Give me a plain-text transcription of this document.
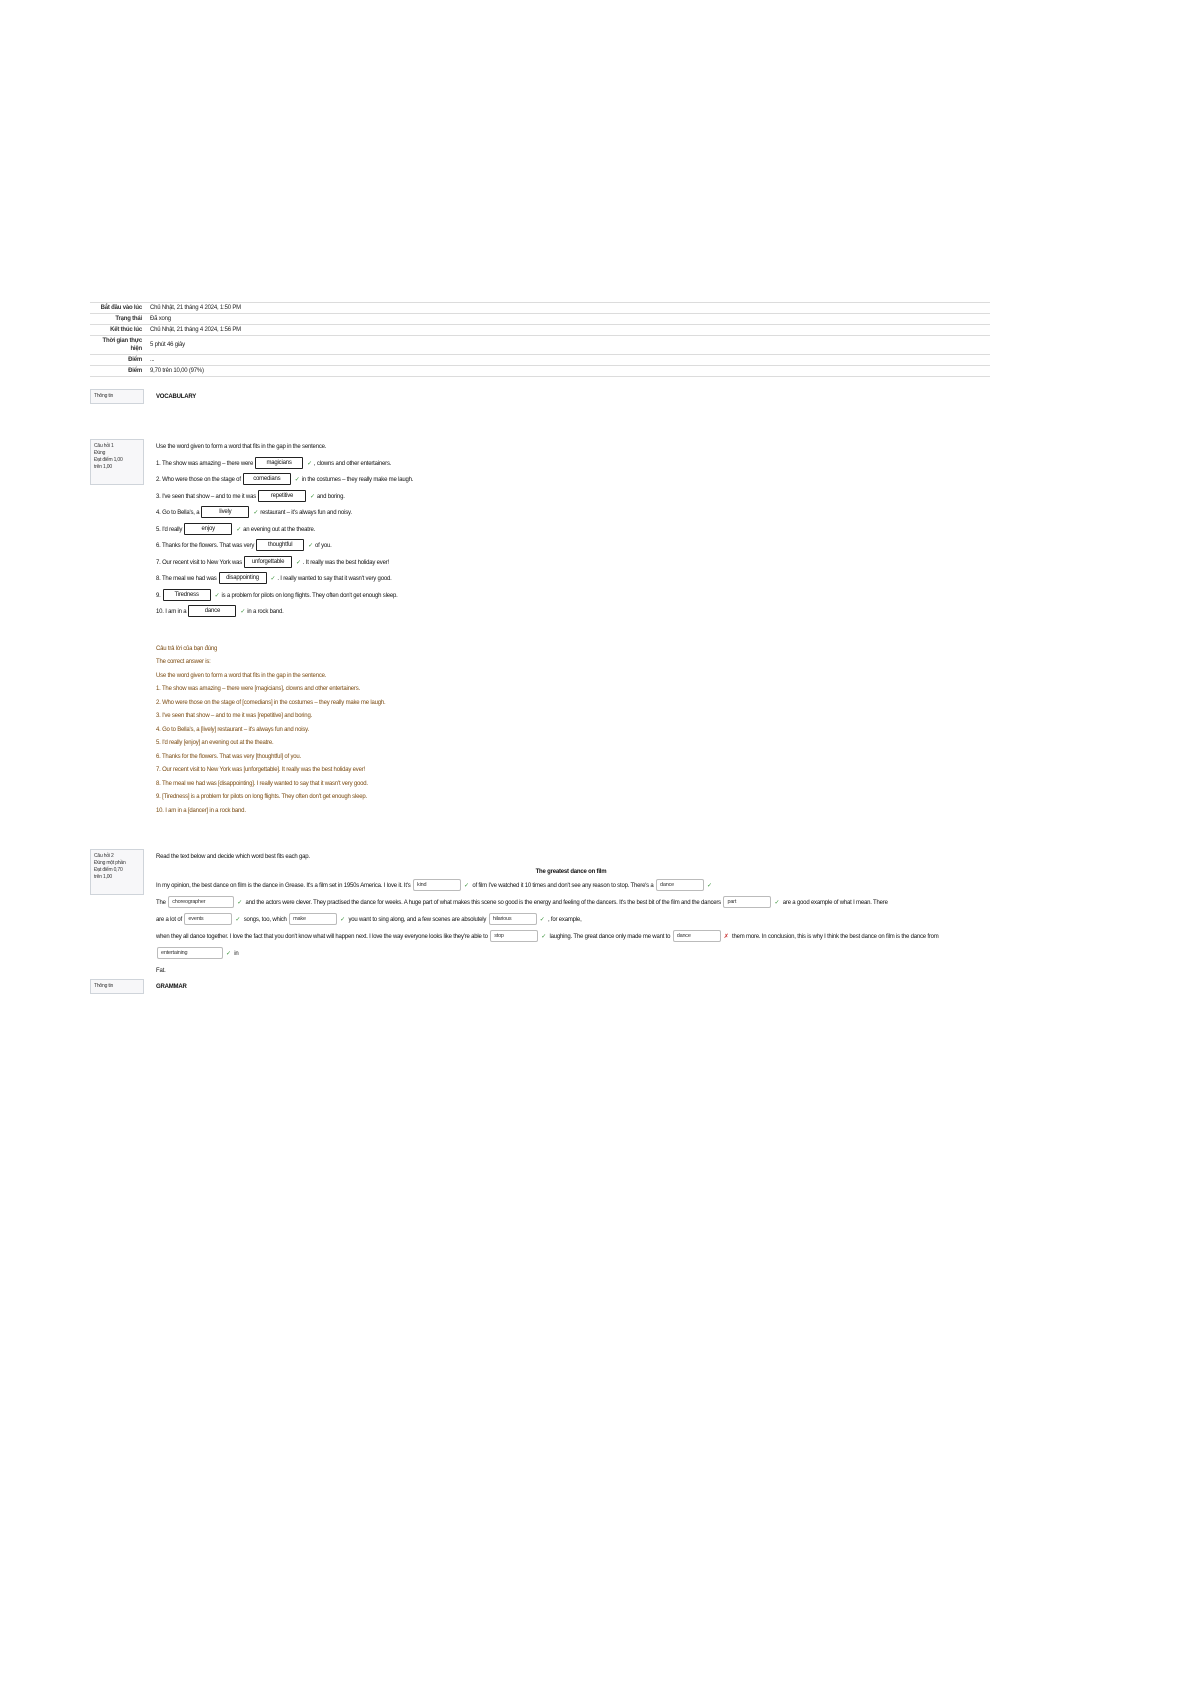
Bắt đầu vào lúc	Chủ Nhật, 21 tháng 4 2024, 1:50 PM
Trạng thái	Đã xong
Kết thúc lúc	Chủ Nhật, 21 tháng 4 2024, 1:56 PM
Thời gian thực hiện	5 phút 46 giây
Điểm	...
Điểm	9,70 trên 10,00 (97%)
Thông tin	VOCABULARY
Câu hỏi 1
Đúng
Đạt điểm 1,00
trên 1,00
Use the word given to form a word that fits in the gap in the sentence.
1. The show was amazing – there were magicians	✓ , clowns and other entertainers.
2. Who were those on the stage of comedians ✓ in the costumes – they really make me laugh.
3. I've seen that show – and to me it was repetitive	✓ and boring.
4. Go to Bella's, a	lively	✓ restaurant – it's always fun and noisy.
5. I'd really	enjoy	✓ an evening out at the theatre.
6. Thanks for the flowers. That was very thoughtful	✓ of you.
7. Our recent visit to New York was unforgettable ✓ . It really was the best holiday ever!
8. The meal we had was disappointing ✓ . I really wanted to say that it wasn't very good.
9. Tiredness	✓ is a problem for pilots on long flights. They often don't get enough sleep.
10. I am in a	dance	✓ in a rock band.
Câu trả lời của bạn đúng
The correct answer is:
Use the word given to form a word that fits in the gap in the sentence.
1. The show was amazing – there were [magicians], clowns and other entertainers.
2. Who were those on the stage of [comedians] in the costumes – they really make me laugh.
3. I've seen that show – and to me it was [repetitive] and boring.
4. Go to Bella's, a [lively] restaurant – it's always fun and noisy.
5. I'd really [enjoy] an evening out at the theatre.
6. Thanks for the flowers. That was very [thoughtful] of you.
7. Our recent visit to New York was [unforgettable]. It really was the best holiday ever!
8. The meal we had was [disappointing]. I really wanted to say that it wasn't very good.
9. [Tiredness] is a problem for pilots on long flights. They often don't get enough sleep.
10. I am in a [dancer] in a rock band.
Câu hỏi 2
Đúng một phần
Đạt điểm 0,70
trên 1,00
Read the text below and decide which word best fits each gap.
The greatest dance on film
In my opinion, the best dance on film is the dance in Grease. It's a film set in 1950s America. I love it. It's kind	✓ of film I've watched it 10 times and don't see any reason to stop. There's a dance	✓
The choreographer	✓ and the actors were clever. They practised the dance for weeks. A huge part of what makes this scene so good is the energy and feeling of the dancers. It's the best bit of the film and the dancers part	✓ are a good example of what I mean. There
are a lot of events	✓ songs, too, which make	✓ you want to sing along, and a few scenes are absolutely hilarious	✓ , for example,
when they all dance together. I love the fact that you don't know what will happen next. I love the way everyone looks like they're able to stop	✓ laughing. The great dance only made me want to dance	✗ them more. In conclusion, this is why I think the best dance on film is the dance from entertaining	✓ in
Fat.
Thông tin	GRAMMAR
